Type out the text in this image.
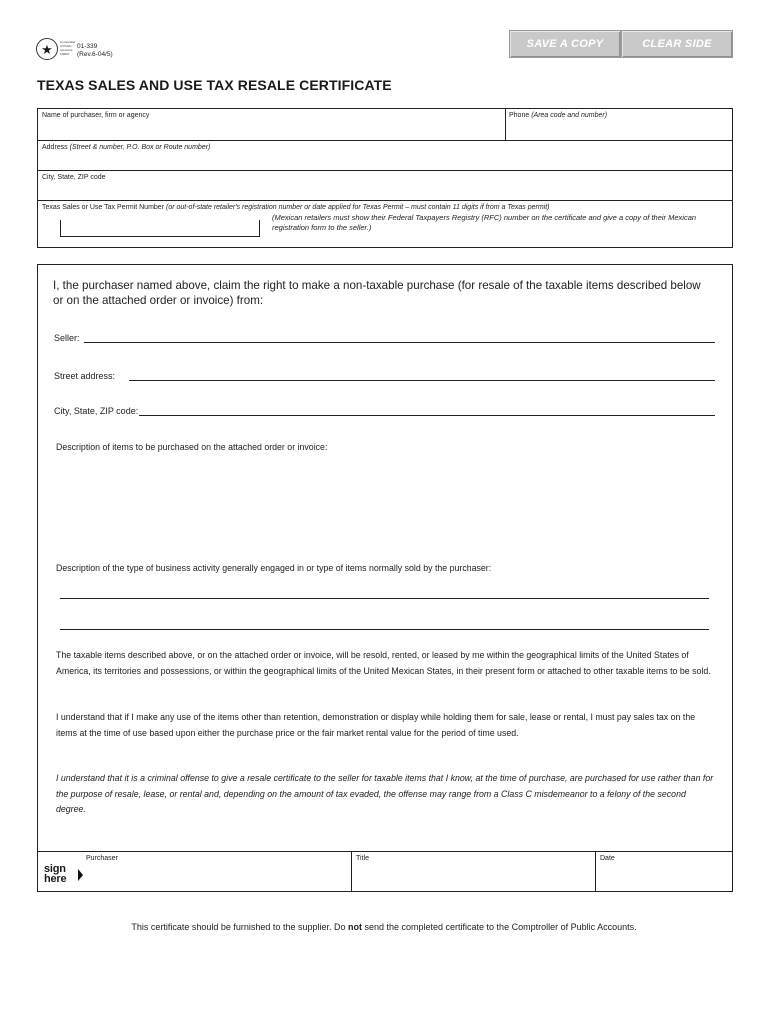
★	Comptroller of Public Accounts FORM
01-339
(Rev.6-04/5)
SAVE A COPY	CLEAR SIDE
TEXAS SALES AND USE TAX RESALE CERTIFICATE
Name of purchaser, firm or agency	Phone (Area code and number)
Address (Street & number, P.O. Box or Route number)
City, State, ZIP code
Texas Sales or Use Tax Permit Number (or out-of-state retailer's registration number or date applied for Texas Permit – must contain 11 digits if from a Texas permit)
(Mexican retailers must show their Federal Taxpayers Registry (RFC) number on the certificate and give a copy of their Mexican registration form to the seller.)
I, the purchaser named above, claim the right to make a non-taxable purchase (for resale of the taxable items described below or on the attached order or invoice) from:
Seller:
Street address:
City, State, ZIP code:
Description of items to be purchased on the attached order or invoice:
Description of the type of business activity generally engaged in or type of items normally sold by the purchaser:
The taxable items described above, or on the attached order or invoice, will be resold, rented, or leased by me within the geographical limits of the United States of America, its territories and possessions, or within the geographical limits of the United Mexican States, in their present form or attached to other taxable items to be sold.
I understand that if I make any use of the items other than retention, demonstration or display while holding them for sale, lease or rental, I must pay sales tax on the items at the time of use based upon either the purchase price or the fair market rental value for the period of time used.
I understand that it is a criminal offense to give a resale certificate to the seller for taxable items that I know, at the time of purchase, are purchased for use rather than for the purpose of resale, lease, or rental and, depending on the amount of tax evaded, the offense may range from a Class C misdemeanor to a felony of the second degree.
sign
here
Purchaser	Title	Date
This certificate should be furnished to the supplier. Do not send the completed certificate to the Comptroller of Public Accounts.
